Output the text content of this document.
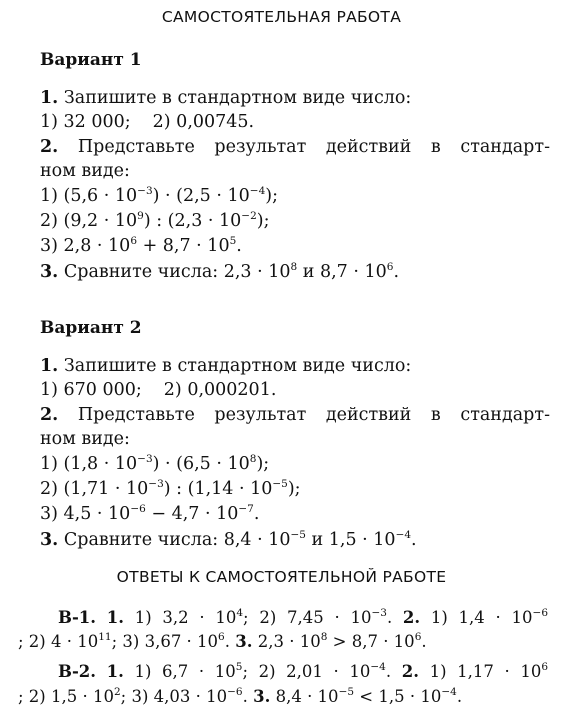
САМОСТОЯТЕЛЬНАЯ РАБОТА
Вариант 1
1. Запишите в стандартном виде число:
1) 32 000; 2) 0,00745.
2. Представьте результат действий в стандарт-
ном виде:
1) $(5,6 \cdot 10^{-3}) \cdot (2,5 \cdot 10^{-4})$;
2) $(9,2 \cdot 10^9)$ : $(2,3 \cdot 10^{-2})$;
3) $2,8 \cdot 10^6 + 8,7 \cdot 10^5$.
3. Сравните числа: $2,3 \cdot 10^8$ и $8,7 \cdot 10^6$.
Вариант 2
1. Запишите в стандартном виде число:
1) 670 000; 2) 0,000201.
2. Представьте результат действий в стандарт-
ном виде:
1) $(1,8 \cdot 10^{-3}) \cdot (6,5 \cdot 10^8)$;
2) $(1,71 \cdot 10^{-3})$ : $(1,14 \cdot 10^{-5})$;
3) $4,5 \cdot 10^{-6} - 4,7 \cdot 10^{-7}$.
3. Сравните числа: $8,4 \cdot 10^{-5}$ и $1,5 \cdot 10^{-4}$.
ОТВЕТЫ К САМОСТОЯТЕЛЬНОЙ РАБОТЕ
В-1. 1. 1) $3,2 \cdot 10^4$; 2) $7,45 \cdot 10^{-3}$. 2. 1) $1,4 \cdot 10^{-6}$
; 2) $4 \cdot 10^{11}$; 3) $3,67 \cdot 10^6$. 3. $2,3 \cdot 10^8 > 8,7 \cdot 10^6$.
В-2. 1. 1) $6,7 \cdot 10^5$; 2) $2,01 \cdot 10^{-4}$. 2. 1) $1,17 \cdot 10^6$
; 2) $1,5 \cdot 10^2$; 3) $4,03 \cdot 10^{-6}$. 3. $8,4 \cdot 10^{-5} < 1,5 \cdot 10^{-4}$.
